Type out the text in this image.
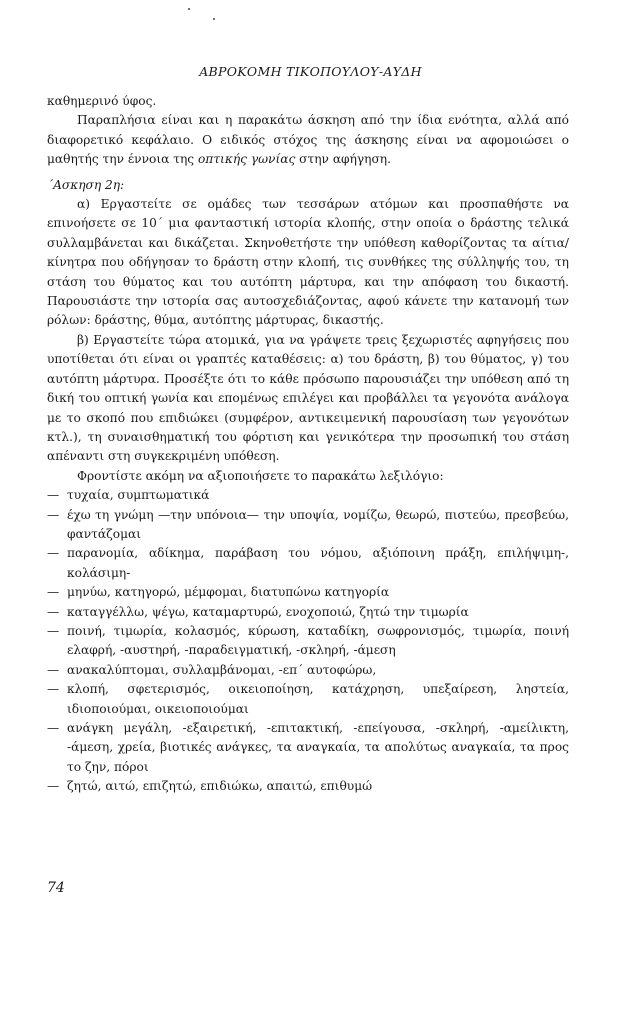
ΑΒΡΟΚΟΜΗ ΤΙΚΟΠΟΥΛΟΥ-ΑΥΔΗ

καθημερινό ύφος.

Παραπλήσια είναι και η παρακάτω άσκηση από την ίδια ενότητα, αλλά από διαφορετικό κεφάλαιο. Ο ειδικός στόχος της άσκησης είναι να αφομοιώσει ο μαθητής την έννοια της οπτικής γωνίας στην αφήγηση.

΄Ασκηση 2η:

α) Εργαστείτε σε ομάδες των τεσσάρων ατόμων και προσπαθήστε να επινοήσετε σε 10΄ μια φανταστική ιστορία κλοπής, στην οποία ο δράστης τελικά συλλαμβάνεται και δικάζεται. Σκηνοθετήστε την υπόθεση καθορίζοντας τα αίτια/κίνητρα που οδήγησαν το δράστη στην κλοπή, τις συνθήκες της σύλληψής του, τη στάση του θύματος και του αυτόπτη μάρτυρα, και την απόφαση του δικαστή. Παρουσιάστε την ιστορία σας αυτοσχεδιάζοντας, αφού κάνετε την κατανομή των ρόλων: δράστης, θύμα, αυτόπτης μάρτυρας, δικαστής.

β) Εργαστείτε τώρα ατομικά, για να γράψετε τρεις ξεχωριστές αφηγήσεις που υποτίθεται ότι είναι οι γραπτές καταθέσεις: α) του δράστη, β) του θύματος, γ) του αυτόπτη μάρτυρα. Προσέξτε ότι το κάθε πρόσωπο παρουσιάζει την υπόθεση από τη δική του οπτική γωνία και επομένως επιλέγει και προβάλλει τα γεγονότα ανάλογα με το σκοπό που επιδιώκει (συμφέρον, αντικειμενική παρουσίαση των γεγονότων κτλ.), τη συναισθηματική του φόρτιση και γενικότερα την προσωπική του στάση απέναντι στη συγκεκριμένη υπόθεση.

Φροντίστε ακόμη να αξιοποιήσετε το παρακάτω λεξιλόγιο:

— τυχαία, συμπτωματικά
— έχω τη γνώμη —την υπόνοια— την υποψία, νομίζω, θεωρώ, πιστεύω, πρεσβεύω, φαντάζομαι
— παρανομία, αδίκημα, παράβαση του νόμου, αξιόποινη πράξη, επιλήψιμη-, κολάσιμη-
— μηνύω, κατηγορώ, μέμφομαι, διατυπώνω κατηγορία
— καταγγέλλω, ψέγω, καταμαρτυρώ, ενοχοποιώ, ζητώ την τιμωρία
— ποινή, τιμωρία, κολασμός, κύρωση, καταδίκη, σωφρονισμός, τιμωρία, ποινή ελαφρή, -αυστηρή, -παραδειγματική, -σκληρή, -άμεση
— ανακαλύπτομαι, συλλαμβάνομαι, -επ΄ αυτοφώρω,
— κλοπή, σφετερισμός, οικειοποίηση, κατάχρηση, υπεξαίρεση, ληστεία, ιδιοποιούμαι, οικειοποιούμαι
— ανάγκη μεγάλη, -εξαιρετική, -επιτακτική, -επείγουσα, -σκληρή, -αμείλικτη, -άμεση, χρεία, βιοτικές ανάγκες, τα αναγκαία, τα απολύτως αναγκαία, τα προς το ζην, πόροι
— ζητώ, αιτώ, επιζητώ, επιδιώκω, απαιτώ, επιθυμώ
74
